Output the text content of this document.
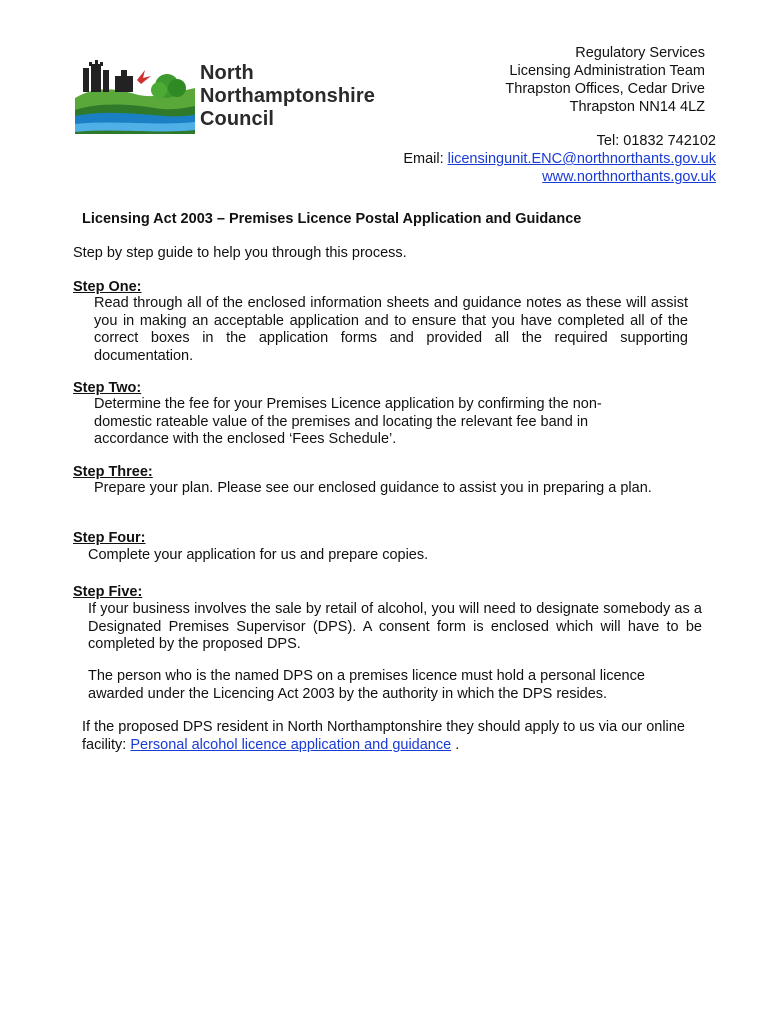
North
Northamptonshire
Council
Regulatory Services
Licensing Administration Team
Thrapston Offices, Cedar Drive
Thrapston NN14 4LZ
Tel: 01832 742102
Email: licensingunit.ENC@northnorthants.gov.uk
www.northnorthants.gov.uk
Licensing Act 2003 – Premises Licence Postal Application and Guidance
Step by step guide to help you through this process.
Step One:
Read through all of the enclosed information sheets and guidance notes as these will assist you in making an acceptable application and to ensure that you have completed all of the correct boxes in the application forms and provided all the required supporting documentation.
Step Two:
Determine the fee for your Premises Licence application by confirming the non-domestic rateable value of the premises and locating the relevant fee band in accordance with the enclosed ‘Fees Schedule’.
Step Three:
Prepare your plan. Please see our enclosed guidance to assist you in preparing a plan.
Step Four:
Complete your application for us and prepare copies.
Step Five:
If your business involves the sale by retail of alcohol, you will need to designate somebody as a Designated Premises Supervisor (DPS). A consent form is enclosed which will have to be completed by the proposed DPS.
The person who is the named DPS on a premises licence must hold a personal licence awarded under the Licencing Act 2003 by the authority in which the DPS resides.
If the proposed DPS resident in North Northamptonshire they should apply to us via our online facility: Personal alcohol licence application and guidance .
